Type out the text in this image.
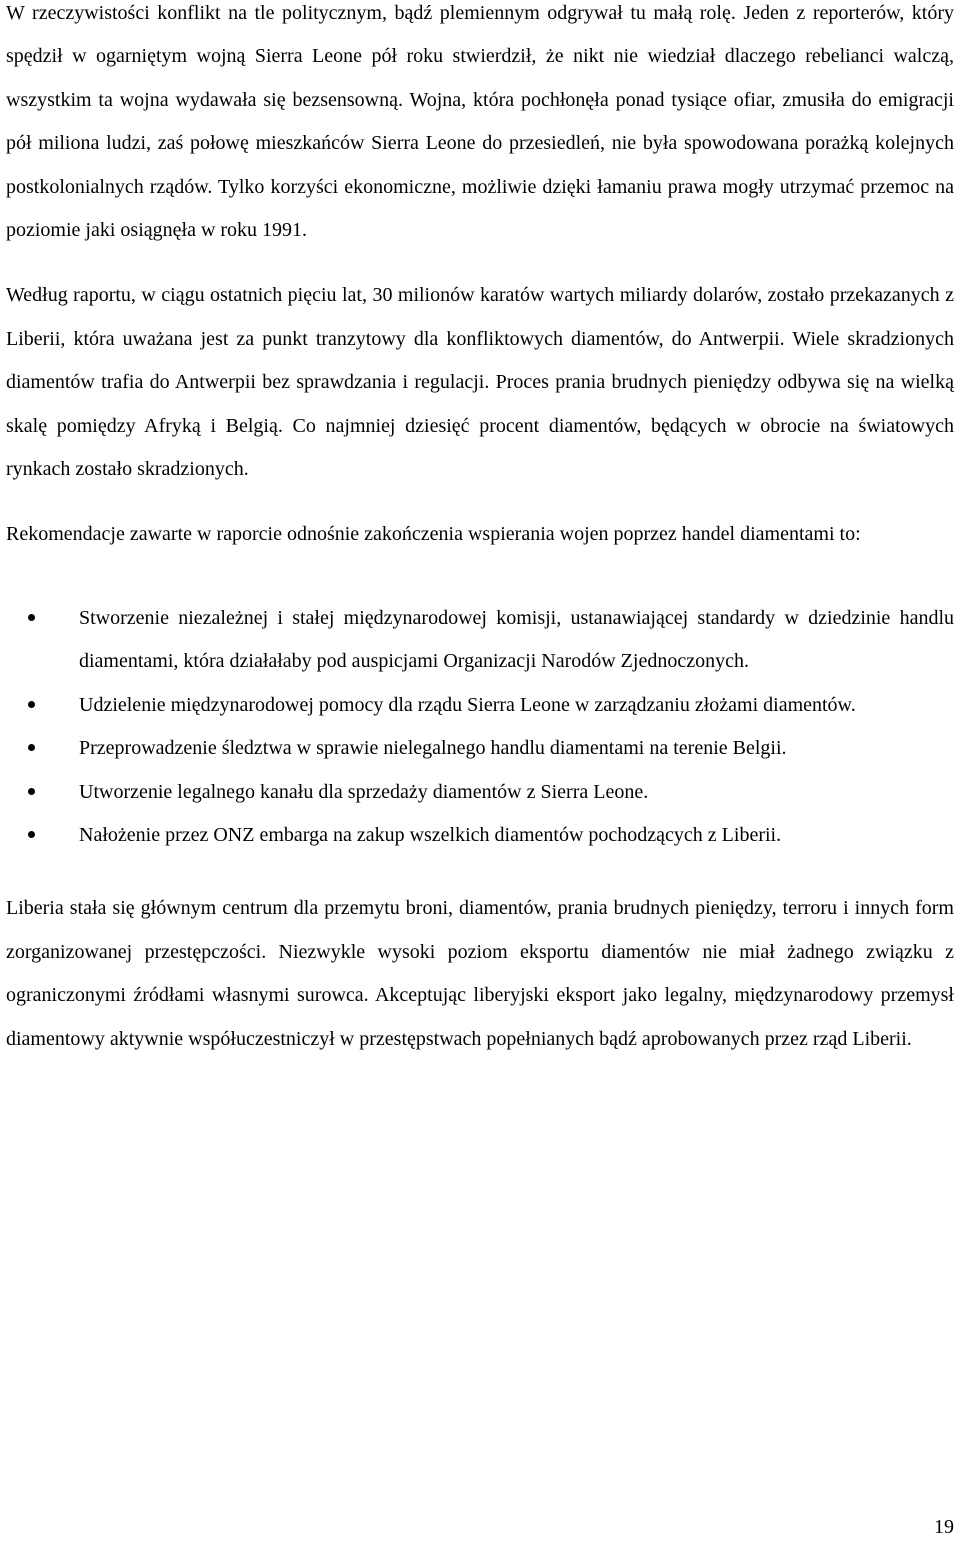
W rzeczywistości konflikt na tle politycznym, bądź plemiennym odgrywał tu małą rolę. Jeden z reporterów, który spędził w ogarniętym wojną Sierra Leone pół roku stwierdził, że nikt nie wiedział dlaczego rebelianci walczą, wszystkim ta wojna wydawała się bezsensowną. Wojna, która pochłonęła ponad tysiące ofiar, zmusiła do emigracji pół miliona ludzi, zaś połowę mieszkańców Sierra Leone do przesiedleń, nie była spowodowana porażką kolejnych postkolonialnych rządów. Tylko korzyści ekonomiczne, możliwie dzięki łamaniu prawa mogły utrzymać przemoc na poziomie jaki osiągnęła w roku 1991.

Według raportu, w ciągu ostatnich pięciu lat, 30 milionów karatów wartych miliardy dolarów, zostało przekazanych z Liberii, która uważana jest za punkt tranzytowy dla konfliktowych diamentów, do Antwerpii. Wiele skradzionych diamentów trafia do Antwerpii bez sprawdzania i regulacji. Proces prania brudnych pieniędzy odbywa się na wielką skalę pomiędzy Afryką i Belgią. Co najmniej dziesięć procent diamentów, będących w obrocie na światowych rynkach zostało skradzionych.

Rekomendacje zawarte w raporcie odnośnie zakończenia wspierania wojen poprzez handel diamentami to:

Stworzenie niezależnej i stałej międzynarodowej komisji, ustanawiającej standardy w dziedzinie handlu diamentami, która działałaby pod auspicjami Organizacji Narodów Zjednoczonych.
Udzielenie międzynarodowej pomocy dla rządu Sierra Leone w zarządzaniu złożami diamentów.
Przeprowadzenie śledztwa w sprawie nielegalnego handlu diamentami na terenie Belgii.
Utworzenie legalnego kanału dla sprzedaży diamentów z Sierra Leone.
Nałożenie przez ONZ embarga na zakup wszelkich diamentów pochodzących z Liberii.

Liberia stała się głównym centrum dla przemytu broni, diamentów, prania brudnych pieniędzy, terroru i innych form zorganizowanej przestępczości. Niezwykle wysoki poziom eksportu diamentów nie miał żadnego związku z ograniczonymi źródłami własnymi surowca. Akceptując liberyjski eksport jako legalny, międzynarodowy przemysł diamentowy aktywnie współuczestniczył w przestępstwach popełnianych bądź aprobowanych przez rząd Liberii.

19
